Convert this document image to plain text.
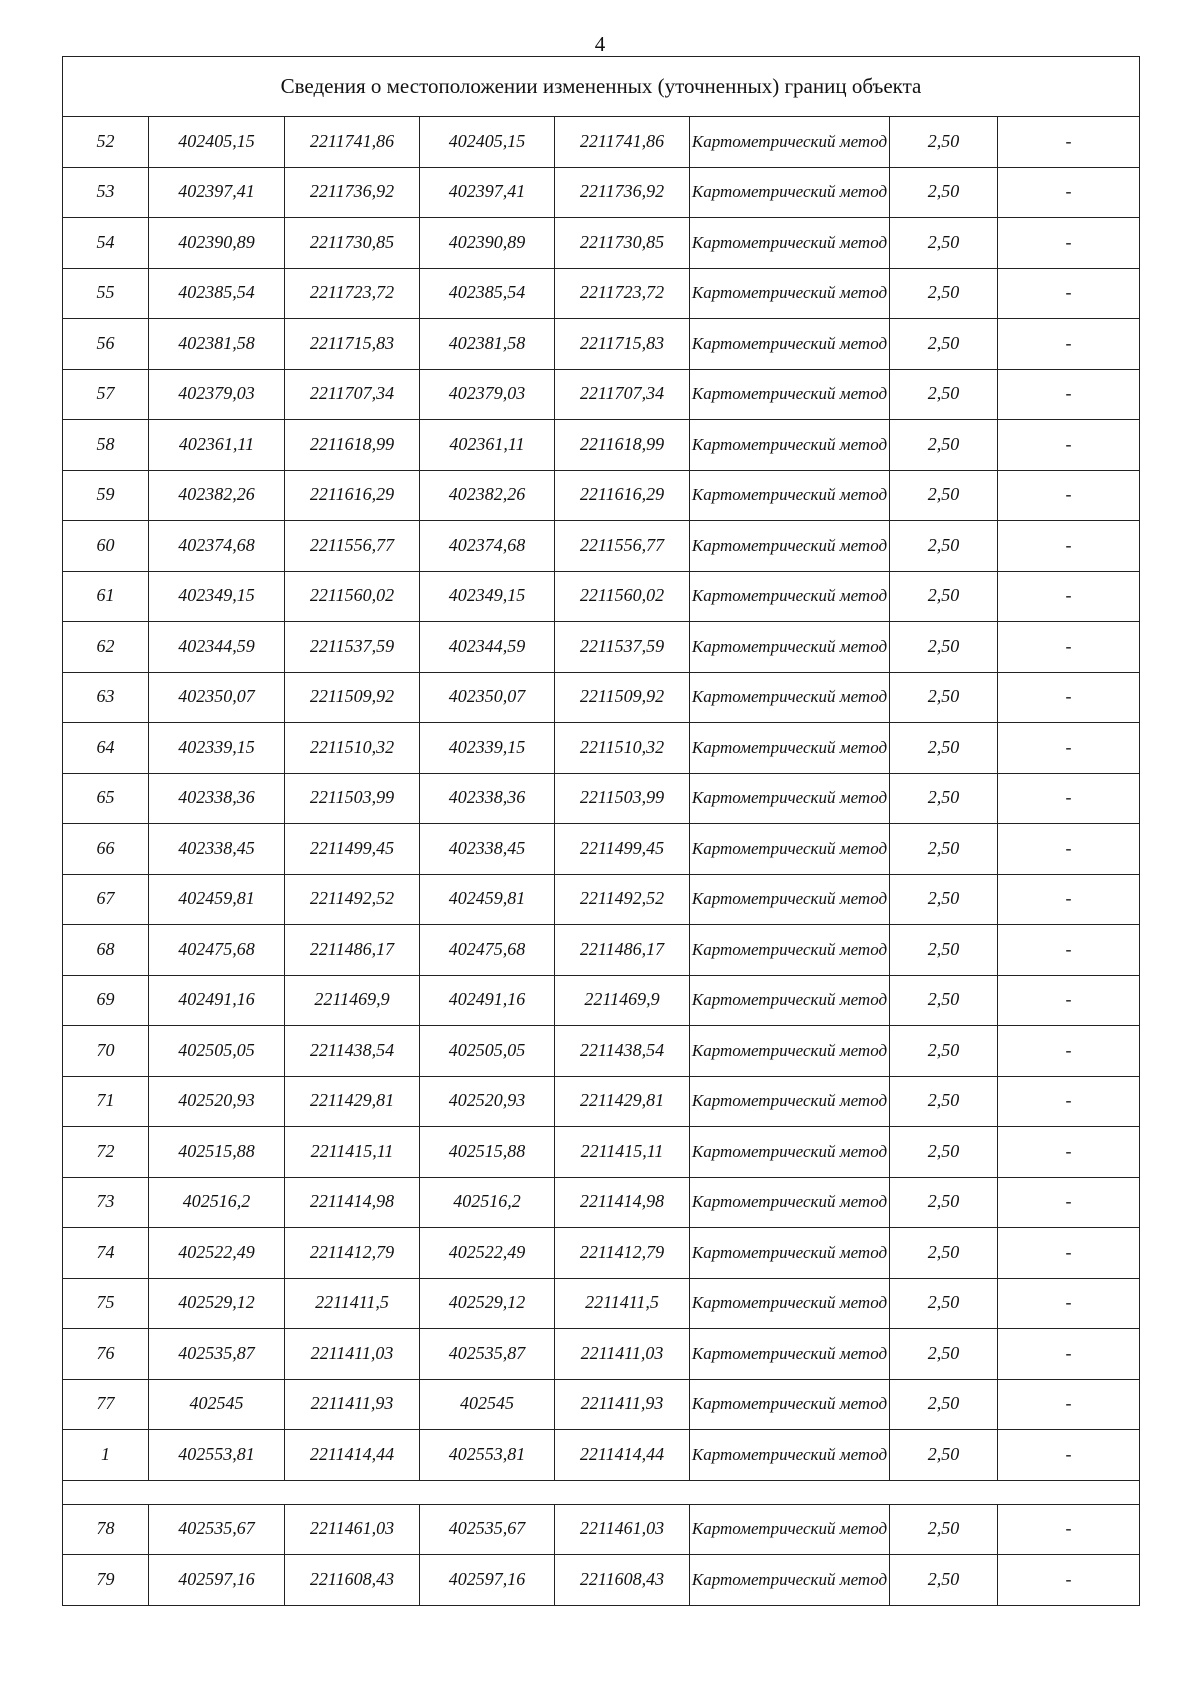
4
Сведения о местоположении измененных (уточненных) границ объекта							
52	402405,15	2211741,86	402405,15	2211741,86	Картометрический метод	2,50	-
53	402397,41	2211736,92	402397,41	2211736,92	Картометрический метод	2,50	-
54	402390,89	2211730,85	402390,89	2211730,85	Картометрический метод	2,50	-
55	402385,54	2211723,72	402385,54	2211723,72	Картометрический метод	2,50	-
56	402381,58	2211715,83	402381,58	2211715,83	Картометрический метод	2,50	-
57	402379,03	2211707,34	402379,03	2211707,34	Картометрический метод	2,50	-
58	402361,11	2211618,99	402361,11	2211618,99	Картометрический метод	2,50	-
59	402382,26	2211616,29	402382,26	2211616,29	Картометрический метод	2,50	-
60	402374,68	2211556,77	402374,68	2211556,77	Картометрический метод	2,50	-
61	402349,15	2211560,02	402349,15	2211560,02	Картометрический метод	2,50	-
62	402344,59	2211537,59	402344,59	2211537,59	Картометрический метод	2,50	-
63	402350,07	2211509,92	402350,07	2211509,92	Картометрический метод	2,50	-
64	402339,15	2211510,32	402339,15	2211510,32	Картометрический метод	2,50	-
65	402338,36	2211503,99	402338,36	2211503,99	Картометрический метод	2,50	-
66	402338,45	2211499,45	402338,45	2211499,45	Картометрический метод	2,50	-
67	402459,81	2211492,52	402459,81	2211492,52	Картометрический метод	2,50	-
68	402475,68	2211486,17	402475,68	2211486,17	Картометрический метод	2,50	-
69	402491,16	2211469,9	402491,16	2211469,9	Картометрический метод	2,50	-
70	402505,05	2211438,54	402505,05	2211438,54	Картометрический метод	2,50	-
71	402520,93	2211429,81	402520,93	2211429,81	Картометрический метод	2,50	-
72	402515,88	2211415,11	402515,88	2211415,11	Картометрический метод	2,50	-
73	402516,2	2211414,98	402516,2	2211414,98	Картометрический метод	2,50	-
74	402522,49	2211412,79	402522,49	2211412,79	Картометрический метод	2,50	-
75	402529,12	2211411,5	402529,12	2211411,5	Картометрический метод	2,50	-
76	402535,87	2211411,03	402535,87	2211411,03	Картометрический метод	2,50	-
77	402545	2211411,93	402545	2211411,93	Картометрический метод	2,50	-
1	402553,81	2211414,44	402553,81	2211414,44	Картометрический метод	2,50	-

78	402535,67	2211461,03	402535,67	2211461,03	Картометрический метод	2,50	-
79	402597,16	2211608,43	402597,16	2211608,43	Картометрический метод	2,50	-
